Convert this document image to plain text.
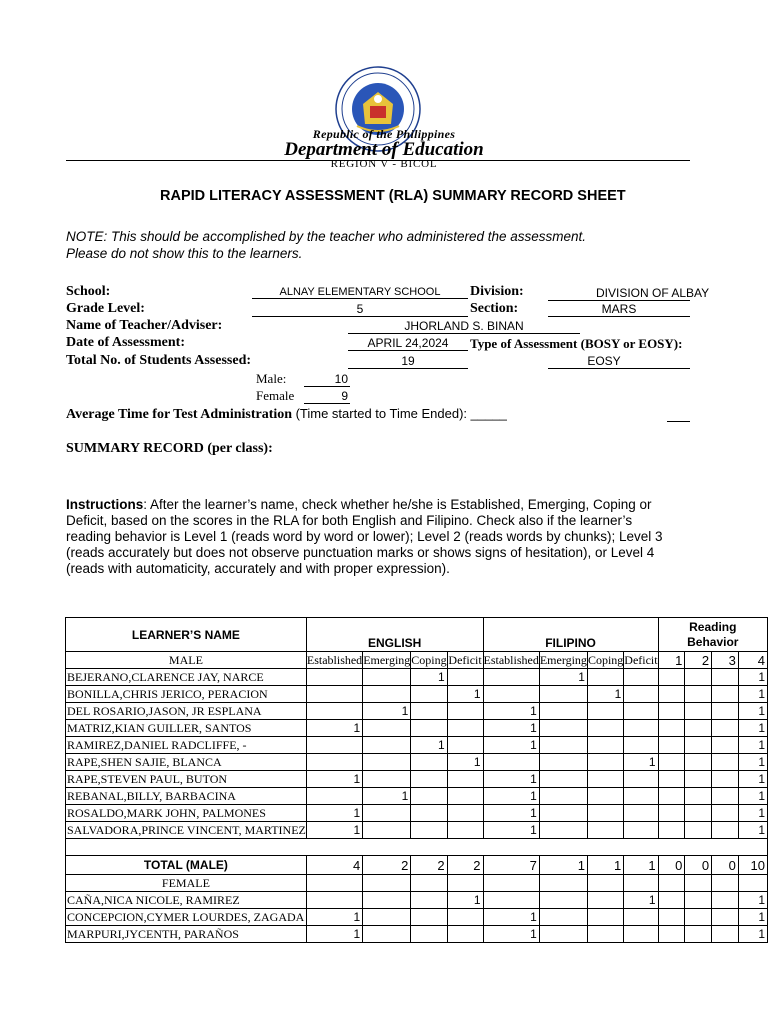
Republic of the Philippines
Department of Education
REGION V - BICOL
RAPID LITERACY ASSESSMENT (RLA) SUMMARY RECORD SHEET
NOTE: This should be accomplished by the teacher who administered the assessment.
Please do not show this to the learners.
School:	ALNAY ELEMENTARY SCHOOL	Division:	DIVISION OF ALBAY
Grade Level:	5	Section:	MARS
Name of Teacher/Adviser:	JHORLAND S. BINAN
Date of Assessment:	APRIL 24,2024	Type of Assessment (BOSY or EOSY):
Total No. of Students Assessed:	19	EOSY
Male:	10
Female	9
Average Time for Test Administration (Time started to Time Ended): _____
SUMMARY RECORD (per class):
Instructions: After the learner’s name, check whether he/she is Established, Emerging, Coping or
Deficit, based on the scores in the RLA for both English and Filipino. Check also if the learner’s
reading behavior is Level 1 (reads word by word or lower); Level 2 (reads words by chunks); Level 3
(reads accurately but does not observe punctuation marks or shows signs of hesitation), or Level 4
(reads with automaticity, accurately and with proper expression).
LEARNER’S NAME	ENGLISH				FILIPINO				Reading
Behavior			

MALE	Established	Emerging	Coping	Deficit	Established	Emerging	Coping	Deficit	1	2	3	4
BEJERANO,CLARENCE JAY, NARCE			1			1						1
BONILLA,CHRIS JERICO, PERACION				1			1					1
DEL ROSARIO,JASON, JR ESPLANA		1			1							1
MATRIZ,KIAN GUILLER, SANTOS	1				1							1
RAMIREZ,DANIEL RADCLIFFE, -			1		1							1
RAPE,SHEN SAJIE, BLANCA				1				1				1
RAPE,STEVEN PAUL, BUTON	1				1							1
REBANAL,BILLY, BARBACINA		1			1							1
ROSALDO,MARK JOHN, PALMONES	1				1							1
SALVADORA,PRINCE VINCENT, MARTINEZ	1				1							1

TOTAL (MALE)	4	2	2	2	7	1	1	1	0	0	0	10
FEMALE												
CAÑA,NICA NICOLE, RAMIREZ				1				1				1
CONCEPCION,CYMER LOURDES, ZAGADA	1				1							1
MARPURI,JYCENTH, PARAÑOS	1				1							1
